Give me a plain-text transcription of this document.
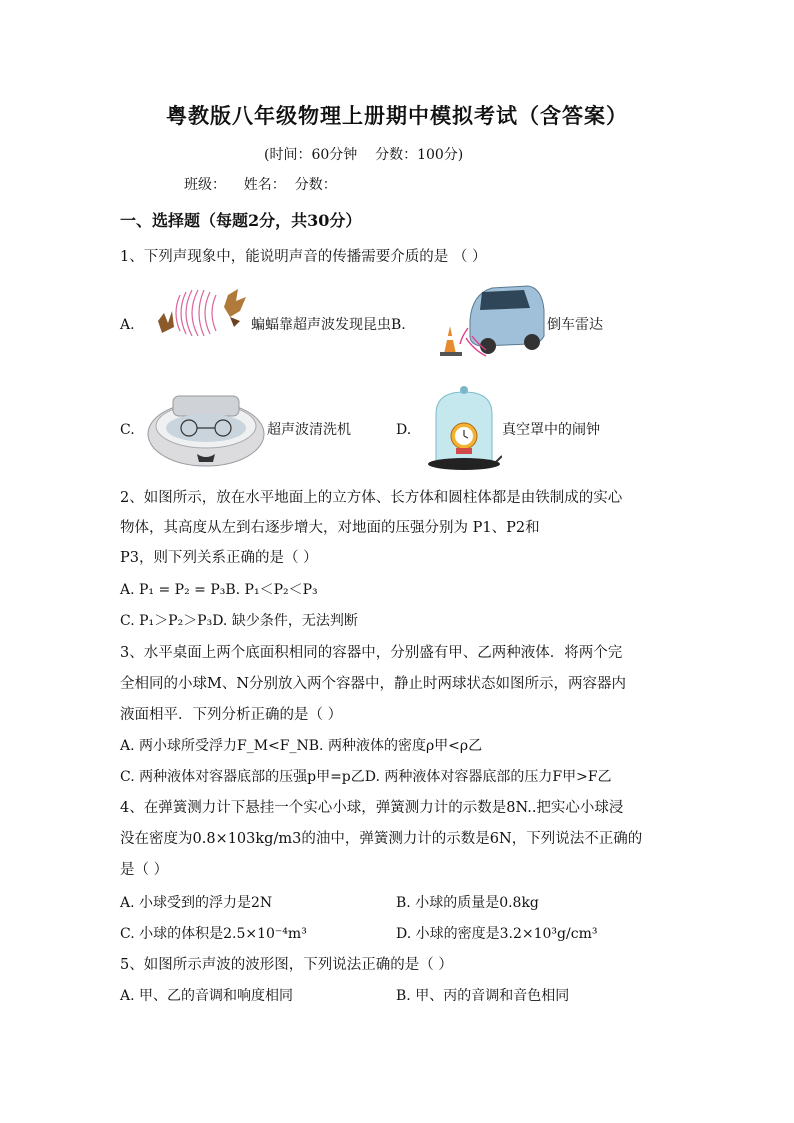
粤教版八年级物理上册期中模拟考试（含答案）
(时间：60分钟    分数：100分)
班级：    姓名：  分数：
一、选择题（每题2分，共30分）
1、下列声现象中，能说明声音的传播需要介质的是 （ ）
A.	蝙蝠靠超声波发现昆虫B.	倒车雷达
C.	超声波清洗机	D.	真空罩中的闹钟
2、如图所示，放在水平地面上的立方体、长方体和圆柱体都是由铁制成的实心
物体，其高度从左到右逐步增大，对地面的压强分别为 P1、P2和
P3，则下列关系正确的是（ ）
A. P₁ = P₂ = P₃B. P₁＜P₂＜P₃
C. P₁＞P₂＞P₃D. 缺少条件，无法判断
3、水平桌面上两个底面积相同的容器中，分别盛有甲、乙两种液体．将两个完
全相同的小球M、N分别放入两个容器中，静止时两球状态如图所示，两容器内
液面相平．下列分析正确的是（ ）
A. 两小球所受浮力F_M<F_NB. 两种液体的密度ρ甲<ρ乙
C. 两种液体对容器底部的压强p甲=p乙D. 两种液体对容器底部的压力F甲>F乙
4、在弹簧测力计下悬挂一个实心小球，弹簧测力计的示数是8N..把实心小球浸
没在密度为0.8×103kg/m3的油中，弹簧测力计的示数是6N，下列说法不正确的
是（ ）
A. 小球受到的浮力是2N	B. 小球的质量是0.8kg
C. 小球的体积是2.5×10⁻⁴m³	D. 小球的密度是3.2×10³g/cm³
5、如图所示声波的波形图，下列说法正确的是（ ）
A. 甲、乙的音调和响度相同	B. 甲、丙的音调和音色相同
